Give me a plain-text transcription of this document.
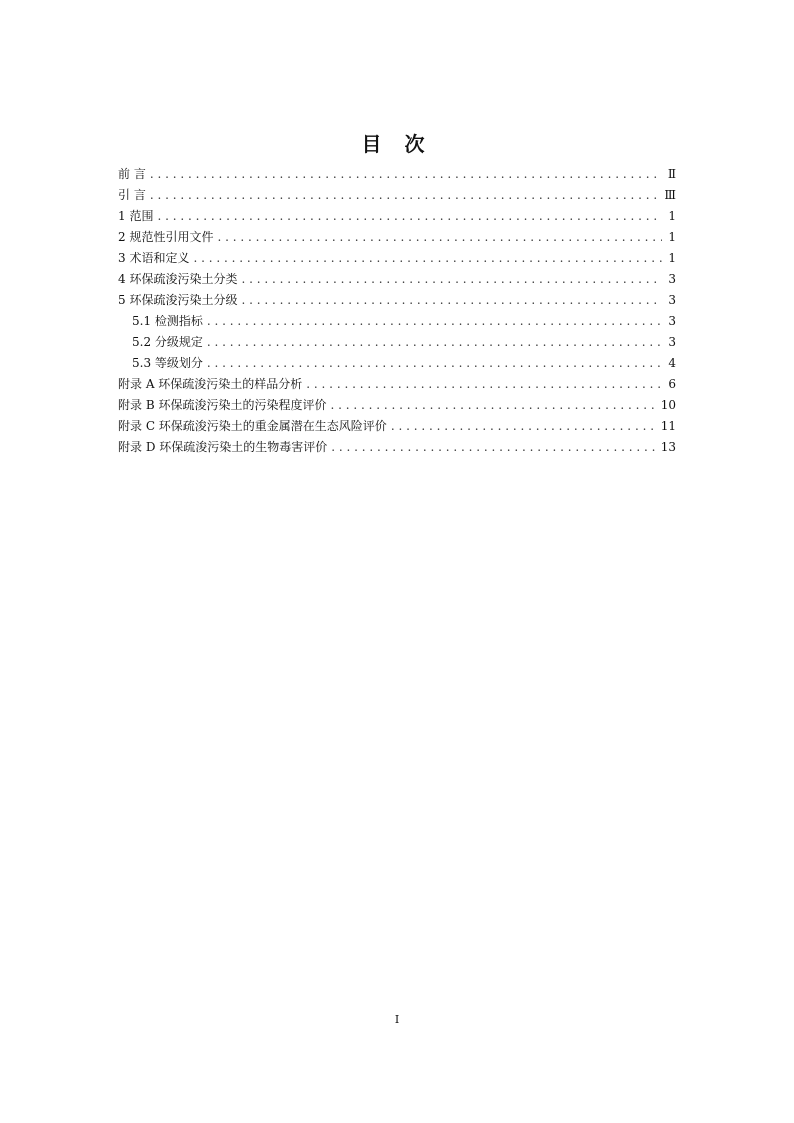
目 次
前 言 . . .	Ⅱ
引 言 . . .	Ⅲ
1 范围 . . .	1
2 规范性引用文件 . . .	1
3 术语和定义 . . .	1
4 环保疏浚污染土分类 . . .	3
5 环保疏浚污染土分级 . . .	3
5.1 检测指标 . . .	3
5.2 分级规定 . . .	3
5.3 等级划分 . . .	4
附录 A 环保疏浚污染土的样品分析 . . .	6
附录 B 环保疏浚污染土的污染程度评价 . . .	10
附录 C 环保疏浚污染土的重金属潜在生态风险评价 . . .	11
附录 D 环保疏浚污染土的生物毒害评价 . . .	13
I
